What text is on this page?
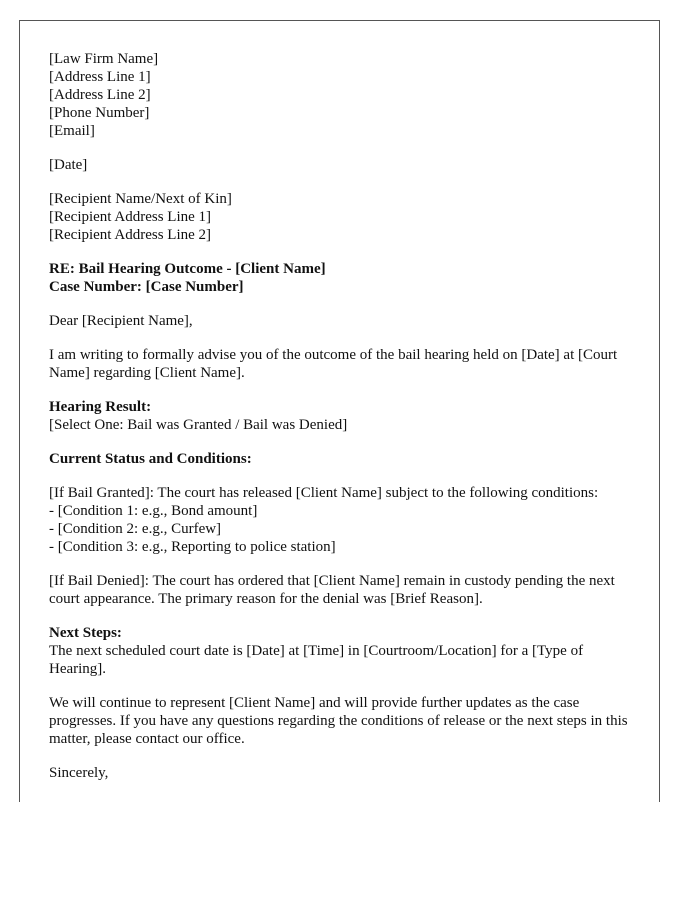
[Law Firm Name]
[Address Line 1]
[Address Line 2]
[Phone Number]
[Email]
[Date]
[Recipient Name/Next of Kin]
[Recipient Address Line 1]
[Recipient Address Line 2]
RE: Bail Hearing Outcome - [Client Name]
Case Number: [Case Number]
Dear [Recipient Name],
I am writing to formally advise you of the outcome of the bail hearing held on [Date] at [Court Name] regarding [Client Name].
Hearing Result:
[Select One: Bail was Granted / Bail was Denied]
Current Status and Conditions:
[If Bail Granted]: The court has released [Client Name] subject to the following conditions:
- [Condition 1: e.g., Bond amount]
- [Condition 2: e.g., Curfew]
- [Condition 3: e.g., Reporting to police station]
[If Bail Denied]: The court has ordered that [Client Name] remain in custody pending the next court appearance. The primary reason for the denial was [Brief Reason].
Next Steps:
The next scheduled court date is [Date] at [Time] in [Courtroom/Location] for a [Type of Hearing].
We will continue to represent [Client Name] and will provide further updates as the case progresses. If you have any questions regarding the conditions of release or the next steps in this matter, please contact our office.
Sincerely,
